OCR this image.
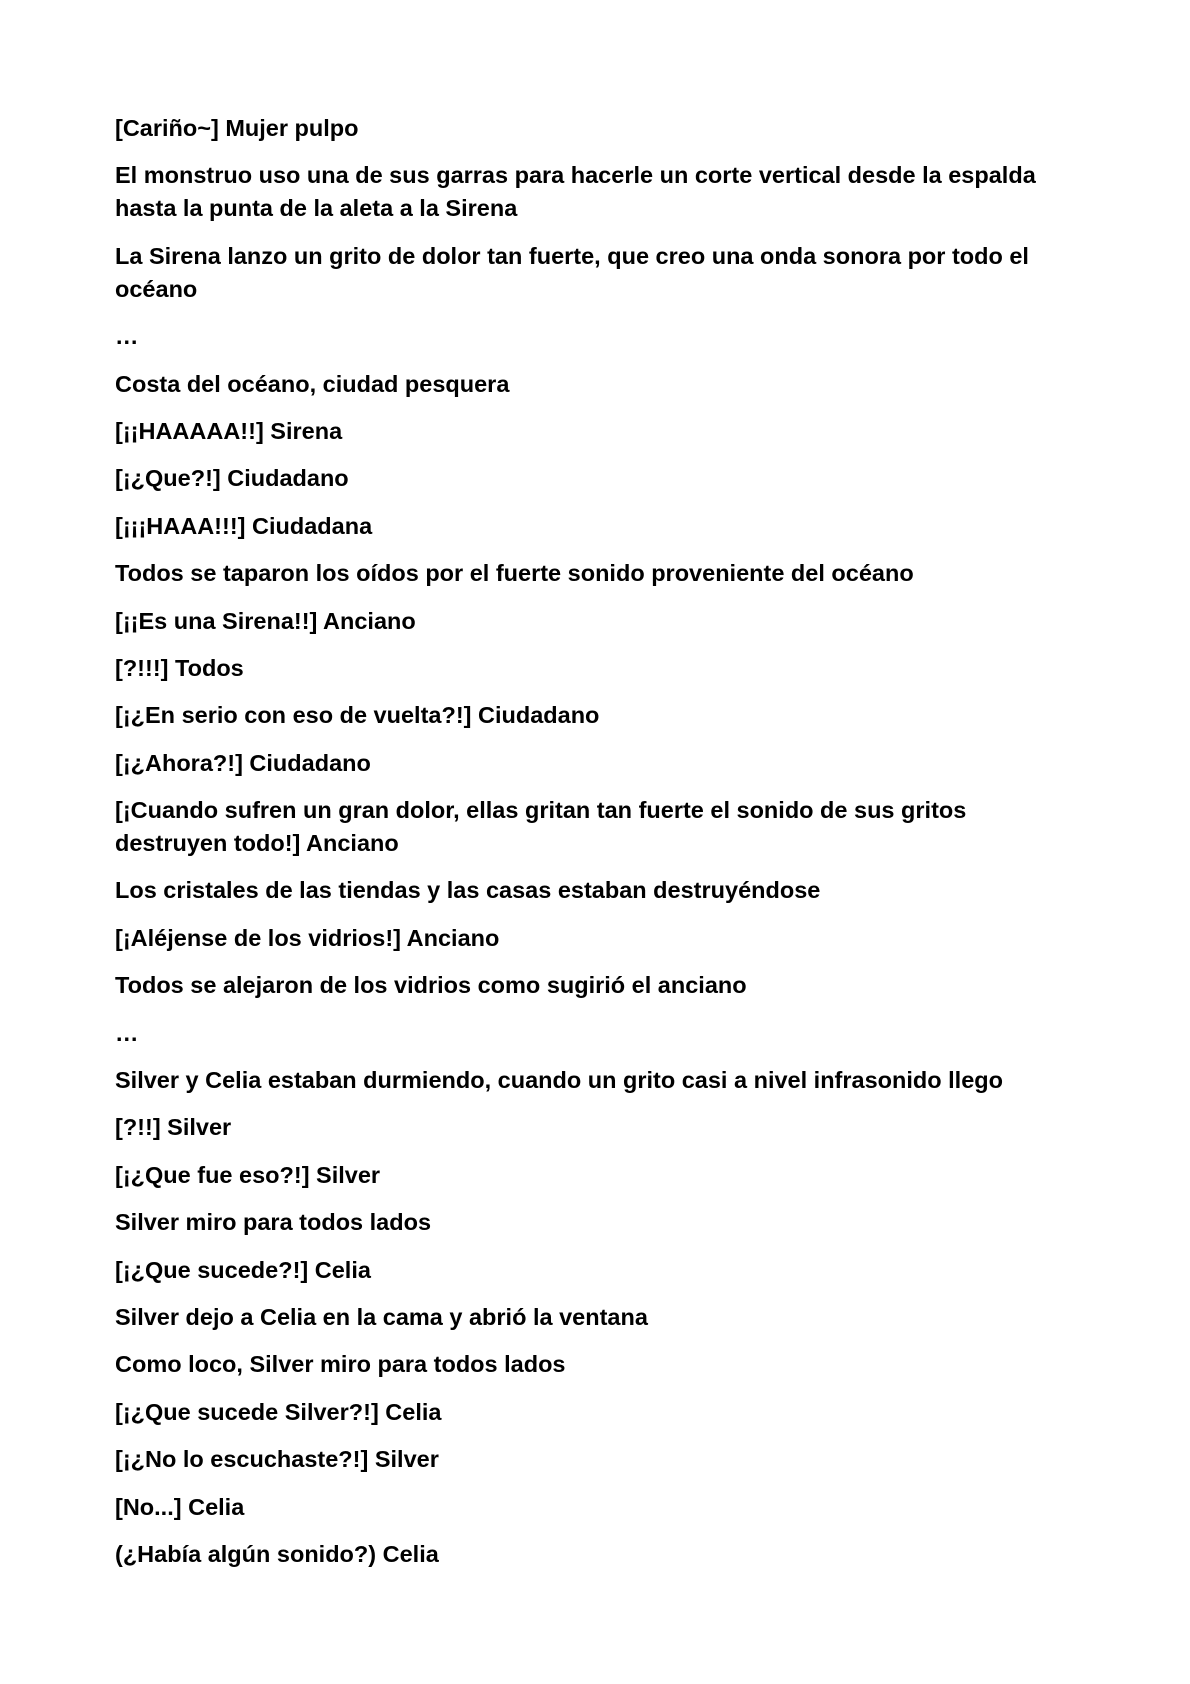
[Cariño~] Mujer pulpo

El monstruo uso una de sus garras para hacerle un corte vertical desde la espalda hasta la punta de la aleta a la Sirena

La Sirena lanzo un grito de dolor tan fuerte, que creo una onda sonora por todo el océano

…

Costa del océano, ciudad pesquera

[¡¡HAAAAA!!] Sirena

[¡¿Que?!] Ciudadano

[¡¡¡HAAA!!!] Ciudadana

Todos se taparon los oídos por el fuerte sonido proveniente del océano

[¡¡Es una Sirena!!] Anciano

[?!!!] Todos

[¡¿En serio con eso de vuelta?!] Ciudadano

[¡¿Ahora?!] Ciudadano

[¡Cuando sufren un gran dolor, ellas gritan tan fuerte el sonido de sus gritos destruyen todo!] Anciano

Los cristales de las tiendas y las casas estaban destruyéndose

[¡Aléjense de los vidrios!] Anciano

Todos se alejaron de los vidrios como sugirió el anciano

…

Silver y Celia estaban durmiendo, cuando un grito casi a nivel infrasonido llego

[?!!] Silver

[¡¿Que fue eso?!] Silver

Silver miro para todos lados

[¡¿Que sucede?!] Celia

Silver dejo a Celia en la cama y abrió la ventana

Como loco, Silver miro para todos lados

[¡¿Que sucede Silver?!] Celia

[¡¿No lo escuchaste?!] Silver

[No...] Celia

(¿Había algún sonido?) Celia
